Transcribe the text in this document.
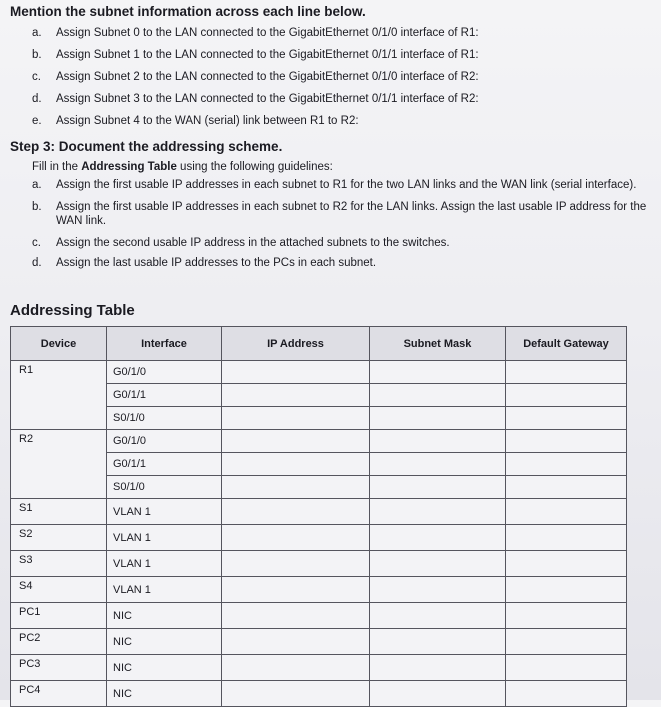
Mention the subnet information across each line below.
a. Assign Subnet 0 to the LAN connected to the GigabitEthernet 0/1/0 interface of R1:
b. Assign Subnet 1 to the LAN connected to the GigabitEthernet 0/1/1 interface of R1:
c. Assign Subnet 2 to the LAN connected to the GigabitEthernet 0/1/0 interface of R2:
d. Assign Subnet 3 to the LAN connected to the GigabitEthernet 0/1/1 interface of R2:
e. Assign Subnet 4 to the WAN (serial) link between R1 to R2:
Step 3: Document the addressing scheme.
Fill in the Addressing Table using the following guidelines:
a. Assign the first usable IP addresses in each subnet to R1 for the two LAN links and the WAN link (serial interface).
b. Assign the first usable IP addresses in each subnet to R2 for the LAN links. Assign the last usable IP address for the WAN link.
c. Assign the second usable IP address in the attached subnets to the switches.
d. Assign the last usable IP addresses to the PCs in each subnet.
Addressing Table
Device	Interface	IP Address	Subnet Mask	Default Gateway
R1	G0/1/0			
	G0/1/1			
	S0/1/0			
R2	G0/1/0			
	G0/1/1			
	S0/1/0			
S1	VLAN 1			
S2	VLAN 1			
S3	VLAN 1			
S4	VLAN 1			
PC1	NIC			
PC2	NIC			
PC3	NIC			
PC4	NIC			
